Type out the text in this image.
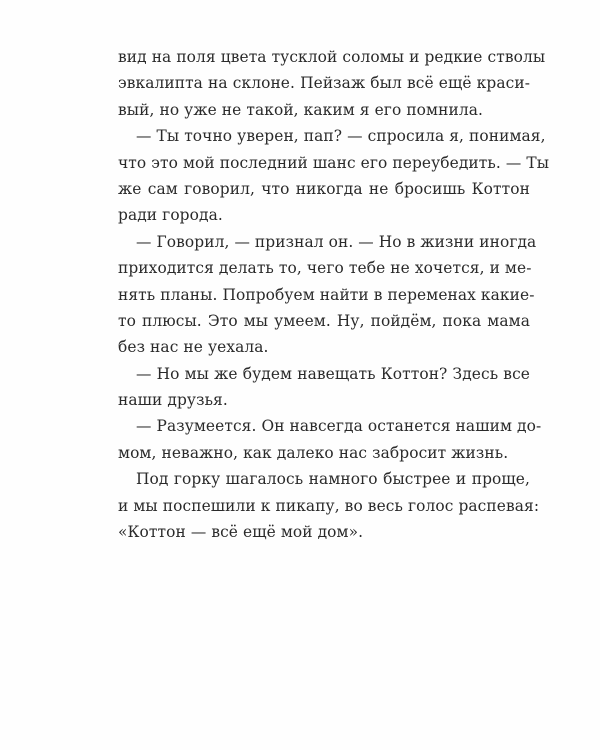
вид на поля цвета тусклой соломы и редкие стволы
эвкалипта на склоне. Пейзаж был всё ещё краси-
вый, но уже не такой, каким я его помнила.
— Ты точно уверен, пап? — спросила я, понимая,
что это мой последний шанс его переубедить. — Ты
же сам говорил, что никогда не бросишь Коттон
ради города.
— Говорил, — признал он. — Но в жизни иногда
приходится делать то, чего тебе не хочется, и ме-
нять планы. Попробуем найти в переменах какие-
то плюсы. Это мы умеем. Ну, пойдём, пока мама
без нас не уехала.
— Но мы же будем навещать Коттон? Здесь все
наши друзья.
— Разумеется. Он навсегда останется нашим до-
мом, неважно, как далеко нас забросит жизнь.
Под горку шагалось намного быстрее и проще,
и мы поспешили к пикапу, во весь голос распевая:
«Коттон — всё ещё мой дом».
